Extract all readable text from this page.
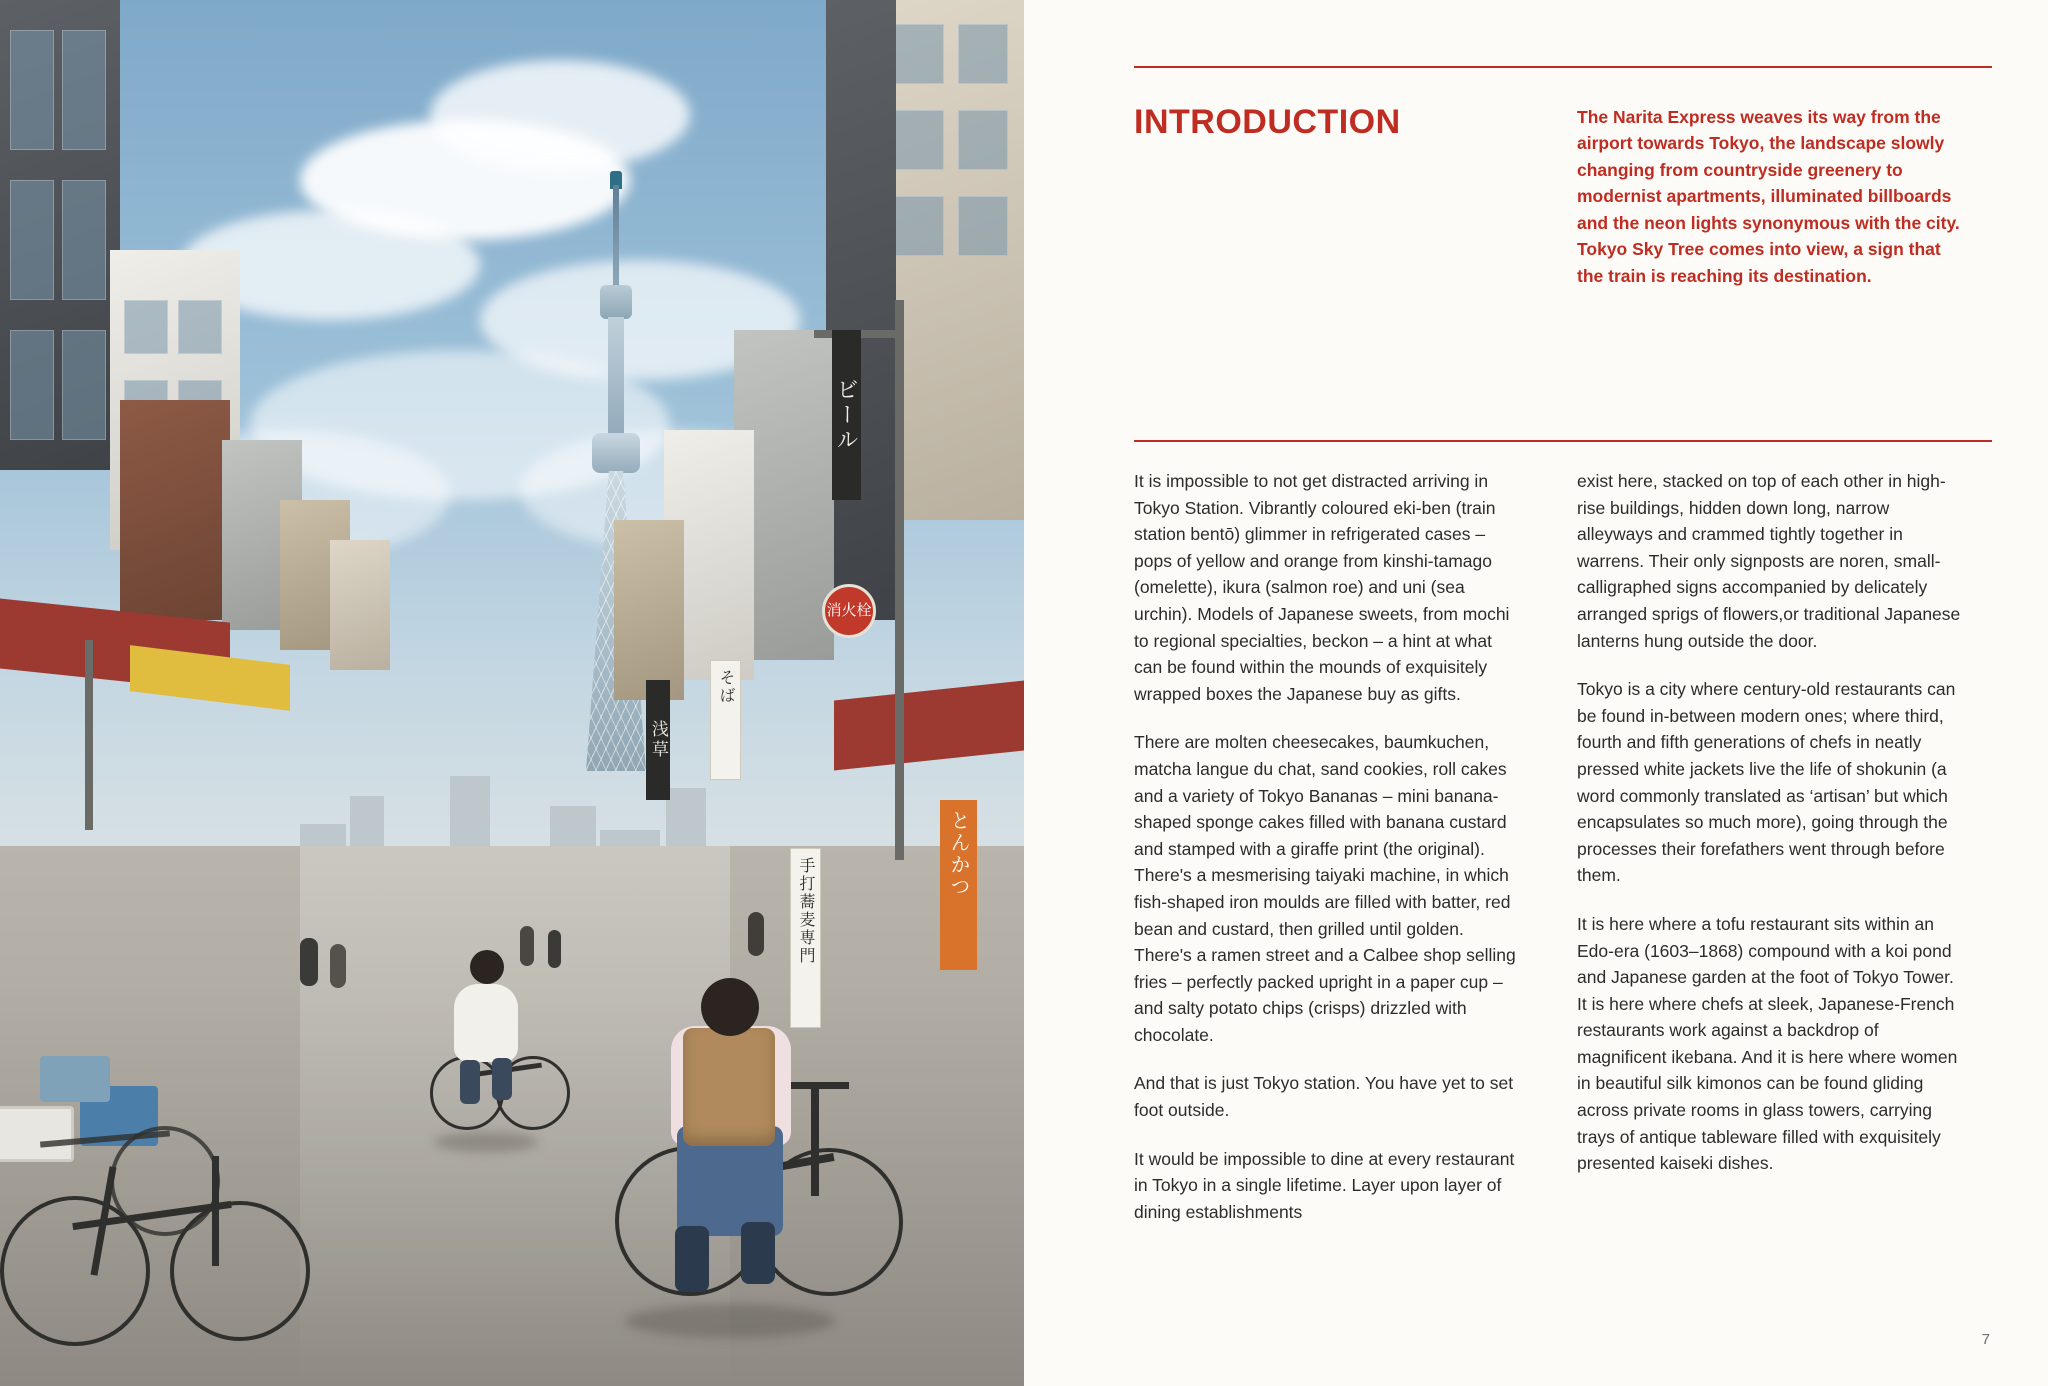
ビール
消火栓
そば
とんかつ
手打蕎麦専門
浅草
INTRODUCTION	The Narita Express weaves its way from the airport towards Tokyo, the landscape slowly changing from countryside greenery to modernist apartments, illuminated billboards and the neon lights synonymous with the city. Tokyo Sky Tree comes into view, a sign that the train is reaching its destination.

It is impossible to not get distracted arriving in Tokyo Station. Vibrantly coloured eki-ben (train station bentō) glimmer in refrigerated cases – pops of yellow and orange from kinshi-tamago (omelette), ikura (salmon roe) and uni (sea urchin). Models of Japanese sweets, from mochi to regional specialties, beckon – a hint at what can be found within the mounds of exquisitely wrapped boxes the Japanese buy as gifts.

There are molten cheesecakes, baumkuchen, matcha langue du chat, sand cookies, roll cakes and a variety of Tokyo Bananas – mini banana-shaped sponge cakes filled with banana custard and stamped with a giraffe print (the original). There's a mesmerising taiyaki machine, in which fish-shaped iron moulds are filled with batter, red bean and custard, then grilled until golden. There's a ramen street and a Calbee shop selling fries – perfectly packed upright in a paper cup – and salty potato chips (crisps) drizzled with chocolate.

And that is just Tokyo station. You have yet to set foot outside.

It would be impossible to dine at every restaurant in Tokyo in a single lifetime. Layer upon layer of dining establishments

exist here, stacked on top of each other in high-rise buildings, hidden down long, narrow alleyways and crammed tightly together in warrens. Their only signposts are noren, small-calligraphed signs accompanied by delicately arranged sprigs of flowers,or traditional Japanese lanterns hung outside the door.

Tokyo is a city where century-old restaurants can be found in-between modern ones; where third, fourth and fifth generations of chefs in neatly pressed white jackets live the life of shokunin (a word commonly translated as ‘artisan’ but which encapsulates so much more), going through the processes their forefathers went through before them.

It is here where a tofu restaurant sits within an Edo-era (1603–1868) compound with a koi pond and Japanese garden at the foot of Tokyo Tower. It is here where chefs at sleek, Japanese-French restaurants work against a backdrop of magnificent ikebana. And it is here where women in beautiful silk kimonos can be found gliding across private rooms in glass towers, carrying trays of antique tableware filled with exquisitely presented kaiseki dishes.

7
